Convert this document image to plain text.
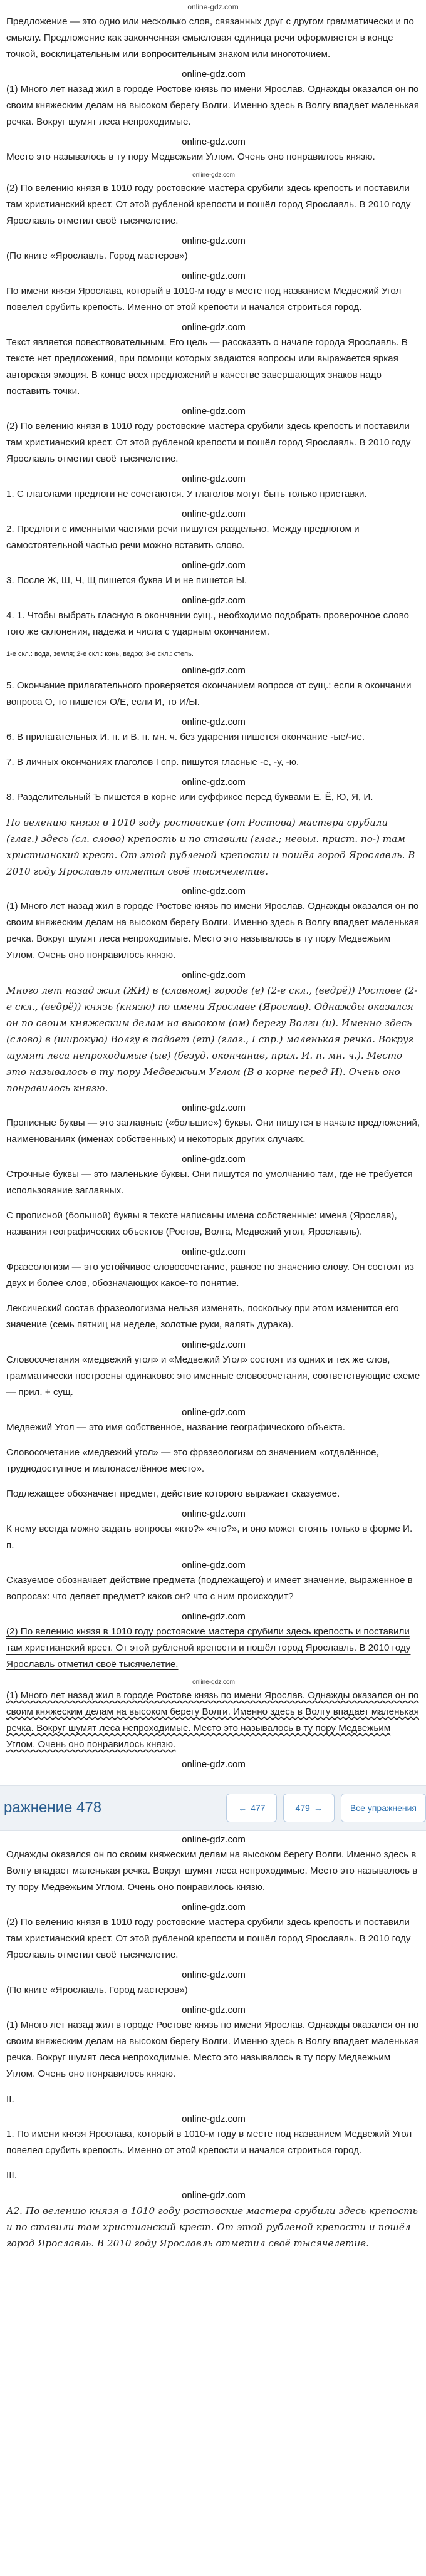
online-gdz.com

Предложение — это одно или несколько слов, связанных друг с другом грамматически и по смыслу. Предложение как законченная смысловая единица речи оформляется в конце точкой, восклицательным или вопросительным знаком или многоточием.

online-gdz.com

(1) Много лет назад жил в городе Ростове князь по имени Ярослав. Однажды оказался он по своим княжеским делам на высоком берегу Волги. Именно здесь в Волгу впадает маленькая речка. Вокруг шумят леса непроходимые.

online-gdz.com

Место это называлось в ту пору Медвежьим Углом. Очень оно понравилось князю.

online-gdz.com

(2) По велению князя в 1010 году ростовские мастера срубили здесь крепость и поставили там христианский крест. От этой рубленой крепости и пошёл город Ярославль. В 2010 году Ярославль отметил своё тысячелетие.

online-gdz.com

(По книге «Ярославль. Город мастеров»)

online-gdz.com

По имени князя Ярослава, который в 1010-м году в месте под названием Медвежий Угол повелел срубить крепость. Именно от этой крепости и начался строиться город.

online-gdz.com

Текст является повествовательным. Его цель — рассказать о начале города Ярославль. В тексте нет предложений, при помощи которых задаются вопросы или выражается яркая авторская эмоция. В конце всех предложений в качестве завершающих знаков надо поставить точки.

online-gdz.com

(2) По велению князя в 1010 году ростовские мастера срубили здесь крепость и поставили там христианский крест. От этой рубленой крепости и пошёл город Ярославль. В 2010 году Ярославль отметил своё тысячелетие.

online-gdz.com

1. С глаголами предлоги не сочетаются. У глаголов могут быть только приставки.

online-gdz.com

2. Предлоги с именными частями речи пишутся раздельно. Между предлогом и самостоятельной частью речи можно вставить слово.

online-gdz.com

3. После Ж, Ш, Ч, Щ пишется буква И и не пишется Ы.

online-gdz.com

4. 1. Чтобы выбрать гласную в окончании сущ., необходимо подобрать проверочное слово того же склонения, падежа и числа с ударным окончанием.

1-е скл.: вода, земля; 2-е скл.: конь, ведро; 3-е скл.: степь.

online-gdz.com

5. Окончание прилагательного проверяется окончанием вопроса от сущ.: если в окончании вопроса О, то пишется О/Е, если И, то И/Ы.

online-gdz.com

6. В прилагательных И. п. и В. п. мн. ч. без ударения пишется окончание -ые/-ие.

7. В личных окончаниях глаголов I спр. пишутся гласные -е, -у, -ю.

online-gdz.com

8. Разделительный Ъ пишется в корне или суффиксе перед буквами Е, Ё, Ю, Я, И.

По велению князя в 1010 году ростовские (от Ростова) мастера срубили (глаг.) здесь (сл. слово) крепость и по ставили (глаг.; невыл. приcт. по-) там христианский крест. От этой рубленой крепости и пошёл город Ярославль. В 2010 году Ярославль отметил своё тысячелетие.

online-gdz.com

(1) Много лет назад жил в городе Ростове князь по имени Ярослав. Однажды оказался он по своим княжеским делам на высоком берегу Волги. Именно здесь в Волгу впадает маленькая речка. Вокруг шумят леса непроходимые. Место это называлось в ту пору Медвежьим Углом. Очень оно понравилось князю.

online-gdz.com

Много лет назад жил (ЖИ) в (славном) городе (е) (2-е скл., (ведрё)) Ростове (2-е скл., (ведрё)) князь (князю) по имени Ярославе (Ярослав). Однажды оказался он по своим княжеским делам на высоком (ом) берегу Волги (и). Именно здесь (слово) в (широкую) Волгу в падает (ет) (глаг., I спр.) маленькая речка. Вокруг шумят леса непроходимые (ые) (безуд. окончание, прил. И. п. мн. ч.). Место это называлось в ту пору Медвежьим Углом (В в корне перед И). Очень оно понравилось князю.

online-gdz.com

Прописные буквы — это заглавные («большие») буквы. Они пишутся в начале предложений, наименованиях (именах собственных) и некоторых других случаях.

online-gdz.com

Строчные буквы — это маленькие буквы. Они пишутся по умолчанию там, где не требуется использование заглавных.

С прописной (большой) буквы в тексте написаны имена собственные: имена (Ярослав), названия географических объектов (Ростов, Волга, Медвежий угол, Ярославль).

online-gdz.com

Фразеологизм — это устойчивое словосочетание, равное по значению слову. Он состоит из двух и более слов, обозначающих какое-то понятие.

Лексический состав фразеологизма нельзя изменять, поскольку при этом изменится его значение (семь пятниц на неделе, золотые руки, валять дурака).

online-gdz.com

Словосочетания «медвежий угол» и «Медвежий Угол» состоят из одних и тех же слов, грамматически построены одинаково: это именные словосочетания, соответствующие схеме — прил. + сущ.

online-gdz.com

Медвежий Угол — это имя собственное, название географического объекта.

Словосочетание «медвежий угол» — это фразеологизм со значением «отдалённое, труднодоступное и малонаселённое место».

Подлежащее обозначает предмет, действие которого выражает сказуемое.

online-gdz.com

К нему всегда можно задать вопросы «кто?» «что?», и оно может стоять только в форме И. п.

online-gdz.com

Сказуемое обозначает действие предмета (подлежащего) и имеет значение, выраженное в вопросах: что делает предмет? каков он? что с ним происходит?

online-gdz.com

(2) По велению князя в 1010 году ростовские мастера срубили здесь крепость и поставили там христианский крест. От этой рубленой крепости и пошёл город Ярославль. В 2010 году Ярославль отметил своё тысячелетие.

online-gdz.com

(1) Много лет назад жил в городе Ростове князь по имени Ярослав. Однажды оказался он по своим княжеским делам на высоком берегу Волги. Именно здесь в Волгу впадает маленькая речка. Вокруг шумят леса непроходимые. Место это называлось в ту пору Медвежьим Углом. Очень оно понравилось князю.

online-gdz.com
ражнение 478	← 477	479 →	Все упражнения
online-gdz.com

Однажды оказался он по своим княжеским делам на высоком берегу Волги. Именно здесь в Волгу впадает маленькая речка. Вокруг шумят леса непроходимые. Место это называлось в ту пору Медвежьим Углом. Очень оно понравилось князю.

online-gdz.com

(2) По велению князя в 1010 году ростовские мастера срубили здесь крепость и поставили там христианский крест. От этой рубленой крепости и пошёл город Ярославль. В 2010 году Ярославль отметил своё тысячелетие.

online-gdz.com

(По книге «Ярославль. Город мастеров»)

online-gdz.com

(1) Много лет назад жил в городе Ростове князь по имени Ярослав. Однажды оказался он по своим княжеским делам на высоком берегу Волги. Именно здесь в Волгу впадает маленькая речка. Вокруг шумят леса непроходимые. Место это называлось в ту пору Медвежьим Углом. Очень оно понравилось князю.

II.

online-gdz.com

1. По имени князя Ярослава, который в 1010-м году в месте под названием Медвежий Угол повелел срубить крепость. Именно от этой крепости и начался строиться город.

III.

online-gdz.com

А2. По велению князя в 1010 году ростовские мастера срубили здесь крепость и по ставили там христианский крест. От этой рубленой крепости и пошёл город Ярославль. В 2010 году Ярославль отметил своё тысячелетие.
